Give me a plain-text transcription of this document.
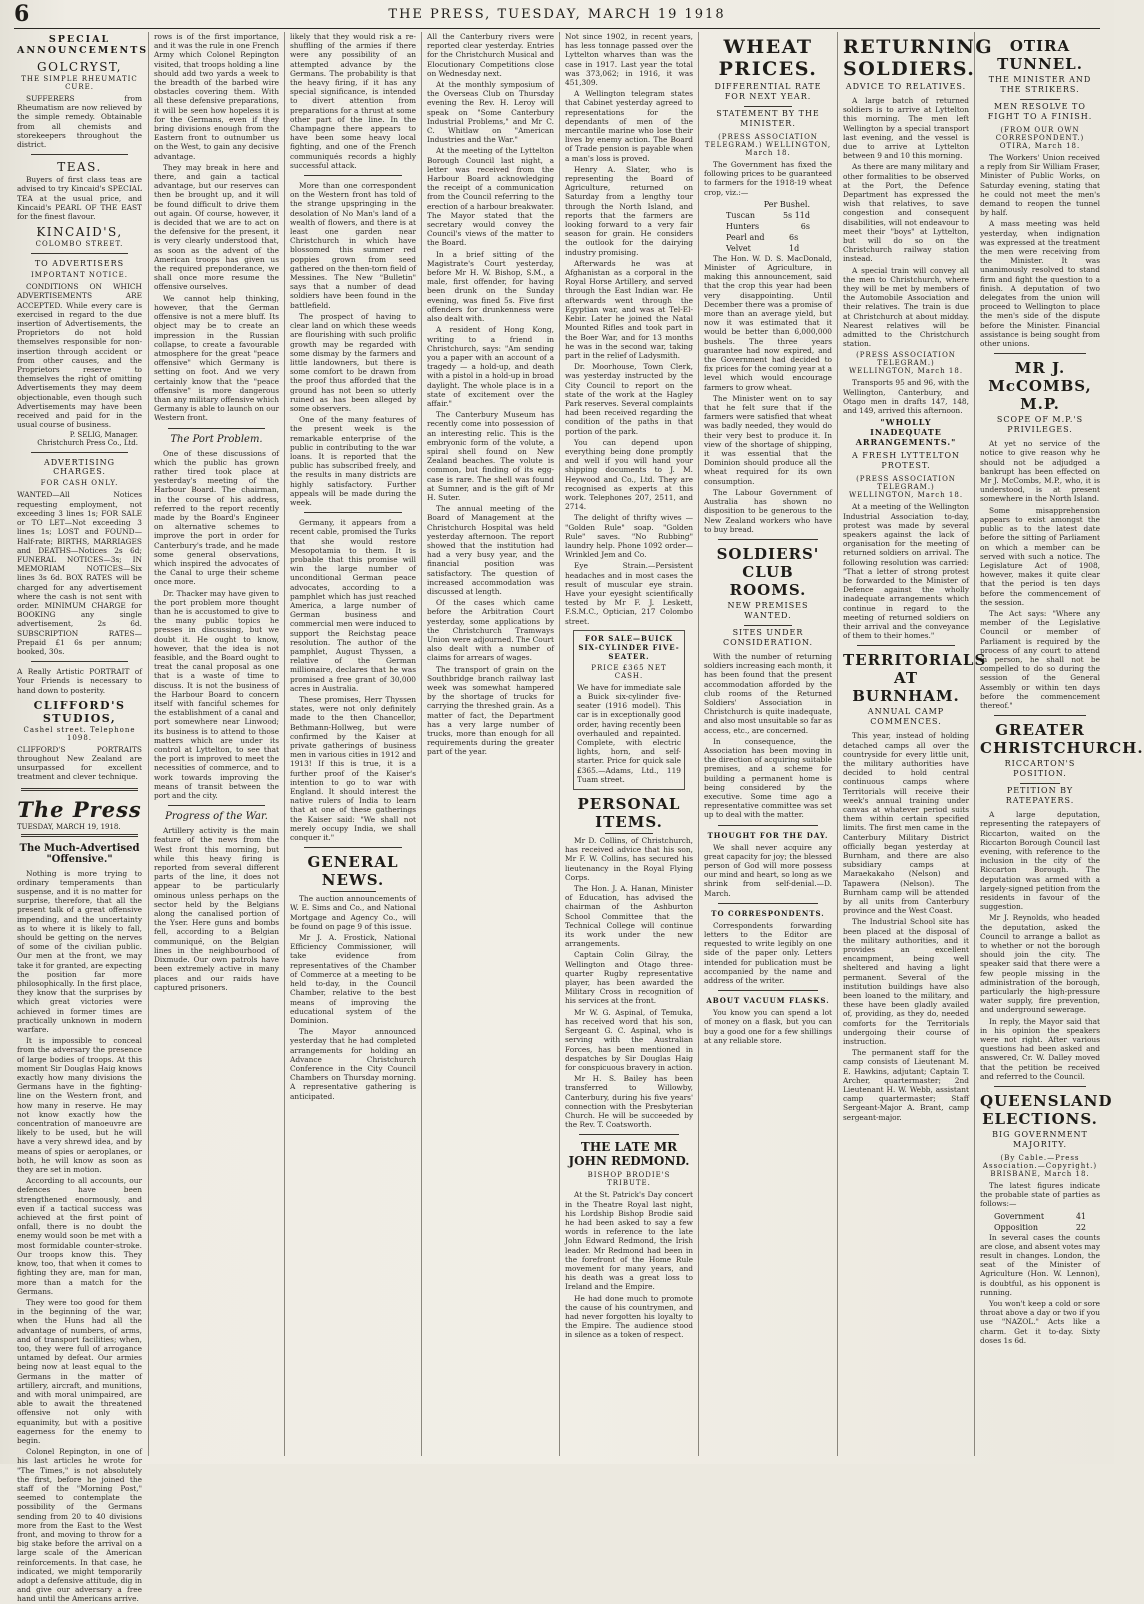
6	THE PRESS, TUESDAY, MARCH 19 1918
SPECIAL ANNOUNCEMENTS
GOLCRYST,
THE SIMPLE RHEUMATIC CURE.

SUFFERERS from Rheumatism are now relieved by the simple remedy. Obtainable from all chemists and storekeepers throughout the district.

TEAS.

Buyers of first class teas are advised to try Kincaid's SPECIAL TEA at the usual price, and Kincaid's PEARL OF THE EAST for the finest flavour.

KINCAID'S,
COLOMBO STREET.
TO ADVERTISERS
IMPORTANT NOTICE.

CONDITIONS ON WHICH ADVERTISEMENTS ARE ACCEPTED. While every care is exercised in regard to the due insertion of Advertisements, the Proprietors do not hold themselves responsible for non-insertion through accident or from other causes, and the Proprietors reserve to themselves the right of omitting Advertisements they may deem objectionable, even though such Advertisements may have been received and paid for in the usual course of business.

P. SELIG, Manager. Christchurch Press Co., Ltd.
ADVERTISING CHARGES.
FOR CASH ONLY.

WANTED—All Notices requesting employment, not exceeding 3 lines 1s; FOR SALE or TO LET—Not exceeding 3 lines 1s; LOST and FOUND—Half-rate; BIRTHS, MARRIAGES and DEATHS—Notices 2s 6d; FUNERAL NOTICES—3s; IN MEMORIAM NOTICES—Six lines 3s 6d. BOX RATES will be charged for any advertisement where the cash is not sent with order. MINIMUM CHARGE for BOOKING any single advertisement, 2s 6d. SUBSCRIPTION RATES—Prepaid £1 6s per annum; booked, 30s.

A Really Artistic PORTRAIT of Your Friends is necessary to hand down to posterity.

CLIFFORD'S STUDIOS,
Cashel street. Telephone 1098.

CLIFFORD'S PORTRAITS throughout New Zealand are unsurpassed for excellent treatment and clever technique.

The Press
TUESDAY, MARCH 19, 1918.
The Much-Advertised
"Offensive."

Nothing is more trying to ordinary temperaments than suspense, and it is no matter for surprise, therefore, that all the present talk of a great offensive impending, and the uncertainty as to where it is likely to fall, should be getting on the nerves of some of the civilian public. Our men at the front, we may take it for granted, are expecting the position far more philosophically. In the first place, they know that the surprises by which great victories were achieved in former times are practically unknown in modern warfare.

It is impossible to conceal from the adversary the presence of large bodies of troops. At this moment Sir Douglas Haig knows exactly how many divisions the Germans have in the fighting-line on the Western front, and how many in reserve. He may not know exactly how the concentration of manoeuvre are likely to be used, but he will have a very shrewd idea, and by means of spies or aeroplanes, or both, he will know as soon as they are set in motion.

According to all accounts, our defences have been strengthened enormously, and even if a tactical success was achieved at the first point of onfall, there is no doubt the enemy would soon be met with a most formidable counter-stroke. Our troops know this. They know, too, that when it comes to fighting they are, man for man, more than a match for the Germans.

They were too good for them in the beginning of the war, when the Huns had all the advantage of numbers, of arms, and of transport facilities; when, too, they were full of arrogance untamed by defeat. Our armies being now at least equal to the Germans in the matter of artillery, aircraft, and munitions, and with moral unimpaired, are able to await the threatened offensive not only with equanimity, but with a positive eagerness for the enemy to begin.

Colonel Repington, in one of his last articles he wrote for "The Times," is not absolutely the first, before he joined the staff of the "Morning Post," seemed to contemplate the possibility of the Germans sending from 20 to 40 divisions more from the East to the West front, and moving to throw for a big stake before the arrival on a large scale of the American reinforcements. In that case, he indicated, we might temporarily adopt a defensive attitude, dig in and give our adversary a free hand until the Americans arrive.

rows is of the first importance, and it was the rule in one French Army which Colonel Repington visited, that troops holding a line should add two yards a week to the breadth of the barbed wire obstacles covering them. With all these defensive preparations, it will be seen how hopeless it is for the Germans, even if they bring divisions enough from the Eastern front to outnumber us on the West, to gain any decisive advantage.

They may break in here and there, and gain a tactical advantage, but our reserves can then be brought up, and it will be found difficult to drive them out again. Of course, however, it is decided that we are to act on the defensive for the present, it is very clearly understood that, as soon as the advent of the American troops has given us the required preponderance, we shall once more resume the offensive ourselves.

We cannot help thinking, however, that the German offensive is not a mere bluff. Its object may be to create an impression in the Russian collapse, to create a favourable atmosphere for the great "peace offensive" which Germany is setting on foot. And we very certainly know that the "peace offensive" is more dangerous than any military offensive which Germany is able to launch on our Western front.

The Port Problem.

One of these discussions of which the public has grown rather tired took place at yesterday's meeting of the Harbour Board. The chairman, in the course of his address, referred to the report recently made by the Board's Engineer on alternative schemes to improve the port in order for Canterbury's trade, and he made some general observations, which inspired the advocates of the Canal to urge their scheme once more.

Dr. Thacker may have given to the port problem more thought than he is accustomed to give to the many public topics he presses in discussing, but we doubt it. He ought to know, however, that the idea is not feasible, and the Board ought to treat the canal proposal as one that is a waste of time to discuss. It is not the business of the Harbour Board to concern itself with fanciful schemes for the establishment of a canal and port somewhere near Linwood; its business is to attend to those matters which are under its control at Lyttelton, to see that the port is improved to meet the necessities of commerce, and to work towards improving the means of transit between the port and the city.

Progress of the War.

Artillery activity is the main feature of the news from the West front this morning, but while this heavy firing is reported from several different parts of the line, it does not appear to be particularly ominous unless perhaps on the sector held by the Belgians along the canalised portion of the Yser. Here guns and bombs fell, according to a Belgian communiqué, on the Belgian lines in the neighbourhood of Dixmude. Our own patrols have been extremely active in many places and our raids have captured prisoners.

likely that they would risk a re-shuffling of the armies if there were any possibility of an attempted advance by the Germans. The probability is that the heavy firing, if it has any special significance, is intended to divert attention from preparations for a thrust at some other part of the line. In the Champagne there appears to have been some heavy local fighting, and one of the French communiqués records a highly successful attack.

More than one correspondent on the Western front has told of the strange upspringing in the desolation of No Man's land of a wealth of flowers, and there is at least one garden near Christchurch in which have blossomed this summer red poppies grown from seed gathered on the then-torn field of Messines. The New "Bulletin" says that a number of dead soldiers have been found in the battlefield.

The prospect of having to clear land on which these weeds are flourishing with such prolific growth may be regarded with some dismay by the farmers and little landowners, but there is some comfort to be drawn from the proof thus afforded that the ground has not been so utterly ruined as has been alleged by some observers.

One of the many features of the present week is the remarkable enterprise of the public in contributing to the war loans. It is reported that the public has subscribed freely, and the results in many districts are highly satisfactory. Further appeals will be made during the week.

Germany, it appears from a recent cable, promised the Turks that she would restore Mesopotamia to them. It is probable that this promise will win the large number of unconditional German peace advocates, according to a pamphlet which has just reached America, a large number of German business and commercial men were induced to support the Reichstag peace resolution. The author of the pamphlet, August Thyssen, a relative of the German millionaire, declares that he was promised a free grant of 30,000 acres in Australia.

These promises, Herr Thyssen states, were not only definitely made to the then Chancellor, Bethmann-Hollweg, but were confirmed by the Kaiser at private gatherings of business men in various cities in 1912 and 1913! If this is true, it is a further proof of the Kaiser's intention to go to war with England. It should interest the native rulers of India to learn that at one of these gatherings the Kaiser said: "We shall not merely occupy India, we shall conquer it."

GENERAL NEWS.

The auction announcements of W. E. Sims and Co., and National Mortgage and Agency Co., will be found on page 9 of this issue.

Mr J. A. Frostick, National Efficiency Commissioner, will take evidence from representatives of the Chamber of Commerce at a meeting to be held to-day, in the Council Chamber, relative to the best means of improving the educational system of the Dominion.

The Mayor announced yesterday that he had completed arrangements for holding an Advance Christchurch Conference in the City Council Chambers on Thursday morning. A representative gathering is anticipated.

All the Canterbury rivers were reported clear yesterday. Entries for the Christchurch Musical and Elocutionary Competitions close on Wednesday next.

At the monthly symposium of the Overseas Club on Thursday evening the Rev. H. Leroy will speak on "Some Canterbury Industrial Problems," and Mr C. C. Whitlaw on "American Industries and the War."

At the meeting of the Lyttelton Borough Council last night, a letter was received from the Harbour Board acknowledging the receipt of a communication from the Council referring to the erection of a harbour breakwater. The Mayor stated that the secretary would convey the Council's views of the matter to the Board.

In a brief sitting of the Magistrate's Court yesterday, before Mr H. W. Bishop, S.M., a male, first offender, for having been drunk on the Sunday evening, was fined 5s. Five first offenders for drunkenness were also dealt with.

A resident of Hong Kong, writing to a friend in Christchurch, says: "Am sending you a paper with an account of a tragedy — a hold-up, and death with a pistol in a hold-up in broad daylight. The whole place is in a state of excitement over the affair."

The Canterbury Museum has recently come into possession of an interesting relic. This is the embryonic form of the volute, a spiral shell found on New Zealand beaches. The volute is common, but finding of its egg-case is rare. The shell was found at Sumner, and is the gift of Mr H. Suter.

The annual meeting of the Board of Management at the Christchurch Hospital was held yesterday afternoon. The report showed that the institution had had a very busy year, and the financial position was satisfactory. The question of increased accommodation was discussed at length.

Of the cases which came before the Arbitration Court yesterday, some applications by the Christchurch Tramways Union were adjourned. The Court also dealt with a number of claims for arrears of wages.

The transport of grain on the Southbridge branch railway last week was somewhat hampered by the shortage of trucks for carrying the threshed grain. As a matter of fact, the Department has a very large number of trucks, more than enough for all requirements during the greater part of the year.

Not since 1902, in recent years, has less tonnage passed over the Lyttelton wharves than was the case in 1917. Last year the total was 373,062; in 1916, it was 451,309.

A Wellington telegram states that Cabinet yesterday agreed to representations for the dependants of men of the mercantile marine who lose their lives by enemy action. The Board of Trade pension is payable when a man's loss is proved.

Henry A. Slater, who is representing the Board of Agriculture, returned on Saturday from a lengthy tour through the North Island, and reports that the farmers are looking forward to a very fair season for grain. He considers the outlook for the dairying industry promising.

Afterwards he was at Afghanistan as a corporal in the Royal Horse Artillery, and served through the East Indian war. He afterwards went through the Egyptian war, and was at Tel-El-Kebir. Later he joined the Natal Mounted Rifles and took part in the Boer War, and for 13 months he was in the second war, taking part in the relief of Ladysmith.

Dr. Moorhouse, Town Clerk, was yesterday instructed by the City Council to report on the state of the work at the Hagley Park reserves. Several complaints had been received regarding the condition of the paths in that portion of the park.

You can depend upon everything being done promptly and well if you will hand your shipping documents to J. M. Heywood and Co., Ltd. They are recognised as experts at this work. Telephones 207, 2511, and 2714.

The delight of thrifty wives — "Golden Rule" soap. "Golden Rule" saves. "No Rubbing" laundry help. Phone 1092 order—Wrinkled Jem and Co.

Eye Strain.—Persistent headaches and in most cases the result of muscular eye strain. Have your eyesight scientifically tested by Mr F. J. Leskett, F.S.M.C., Optician, 217 Colombo street.

FOR SALE—BUICK SIX-CYLINDER FIVE-SEATER.
PRICE £365 NET CASH.

We have for immediate sale a Buick six-cylinder five-seater (1916 model). This car is in exceptionally good order, having recently been overhauled and repainted. Complete, with electric lights, horn, and self-starter. Price for quick sale £365.—Adams, Ltd., 119 Tuam street.

PERSONAL ITEMS.

Mr D. Collins, of Christchurch, has received advice that his son, Mr F. W. Collins, has secured his lieutenancy in the Royal Flying Corps.

The Hon. J. A. Hanan, Minister of Education, has advised the chairman of the Ashburton School Committee that the Technical College will continue its work under the new arrangements.

Captain Colin Gilray, the Wellington and Otago three-quarter Rugby representative player, has been awarded the Military Cross in recognition of his services at the front.

Mr W. G. Aspinal, of Temuka, has received word that his son, Sergeant G. C. Aspinal, who is serving with the Australian Forces, has been mentioned in despatches by Sir Douglas Haig for conspicuous bravery in action.

Mr H. S. Bailey has been transferred to Willowby, Canterbury, during his five years' connection with the Presbyterian Church. He will be succeeded by the Rev. T. Coatsworth.

THE LATE MR JOHN REDMOND.
BISHOP BRODIE'S TRIBUTE.

At the St. Patrick's Day concert in the Theatre Royal last night, his Lordship Bishop Brodie said he had been asked to say a few words in reference to the late John Edward Redmond, the Irish leader. Mr Redmond had been in the forefront of the Home Rule movement for many years, and his death was a great loss to Ireland and the Empire.

He had done much to promote the cause of his countrymen, and had never forgotten his loyalty to the Empire. The audience stood in silence as a token of respect.

WHEAT PRICES.
DIFFERENTIAL RATE FOR NEXT YEAR.
STATEMENT BY THE MINISTER.
(PRESS ASSOCIATION TELEGRAM.) WELLINGTON, March 18.

The Government has fixed the following prices to be guaranteed to farmers for the 1918-19 wheat crop, viz.:—

Per Bushel.
Tuscan	5s 11d
Hunters	6s
Pearl and Velvet
6s 1d

The Hon. W. D. S. MacDonald, Minister of Agriculture, in making this announcement, said that the crop this year had been very disappointing. Until December there was a promise of more than an average yield, but now it was estimated that it would be better than 6,000,000 bushels. The three years guarantee had now expired, and the Government had decided to fix prices for the coming year at a level which would encourage farmers to grow wheat.

The Minister went on to say that he felt sure that if the farmers were satisfied that wheat was badly needed, they would do their very best to produce it. In view of the shortage of shipping, it was essential that the Dominion should produce all the wheat required for its own consumption.

The Labour Government of Australia has shown no disposition to be generous to the New Zealand workers who have to buy bread.

SOLDIERS' CLUB ROOMS.
NEW PREMISES WANTED.
SITES UNDER CONSIDERATION.

With the number of returning soldiers increasing each month, it has been found that the present accommodation afforded by the club rooms of the Returned Soldiers' Association in Christchurch is quite inadequate, and also most unsuitable so far as access, etc., are concerned.

In consequence, the Association has been moving in the direction of acquiring suitable premises, and a scheme for building a permanent home is being considered by the executive. Some time ago a representative committee was set up to deal with the matter.

THOUGHT FOR THE DAY.

We shall never acquire any great capacity for joy; the blessed person of God will more possess our mind and heart, so long as we shrink from self-denial.—D. March.

TO CORRESPONDENTS.

Correspondents forwarding letters to the Editor are requested to write legibly on one side of the paper only. Letters intended for publication must be accompanied by the name and address of the writer.

ABOUT VACUUM FLASKS.

You know you can spend a lot of money on a flask, but you can buy a good one for a few shillings at any reliable store.

RETURNING SOLDIERS.
ADVICE TO RELATIVES.

A large batch of returned soldiers is to arrive at Lyttelton this morning. The men left Wellington by a special transport last evening, and the vessel is due to arrive at Lyttelton between 9 and 10 this morning.

As there are many military and other formalities to be observed at the Port, the Defence Department has expressed the wish that relatives, to save congestion and consequent disabilities, will not endeavour to meet their "boys" at Lyttelton, but will do so on the Christchurch railway station instead.

A special train will convey all the men to Christchurch, where they will be met by members of the Automobile Association and their relatives. The train is due at Christchurch at about midday. Nearest relatives will be admitted to the Christchurch station.

(PRESS ASSOCIATION TELEGRAM.) WELLINGTON, March 18.

Transports 95 and 96, with the Wellington, Canterbury, and Otago men in drafts 147, 148, and 149, arrived this afternoon.

"WHOLLY INADEQUATE ARRANGEMENTS."
A FRESH LYTTELTON PROTEST.
(PRESS ASSOCIATION TELEGRAM.) WELLINGTON, March 18.

At a meeting of the Wellington Industrial Association to-day, protest was made by several speakers against the lack of organisation for the meeting of returned soldiers on arrival. The following resolution was carried: "That a letter of strong protest be forwarded to the Minister of Defence against the wholly inadequate arrangements which continue in regard to the meeting of returned soldiers on their arrival and the conveyance of them to their homes."

TERRITORIALS AT BURNHAM.
ANNUAL CAMP COMMENCES.

This year, instead of holding detached camps all over the countryside for every little unit, the military authorities have decided to hold central continuous camps where Territorials will receive their week's annual training under canvas at whatever period suits them within certain specified limits. The first men came in the Canterbury Military District officially began yesterday at Burnham, and there are also subsidiary camps at Maraekakaho (Nelson) and Tapawera (Nelson). The Burnham camp will be attended by all units from Canterbury province and the West Coast.

The Industrial School site has been placed at the disposal of the military authorities, and it provides an excellent encampment, being well sheltered and having a light permanent. Several of the institution buildings have also been loaned to the military, and these have been gladly availed of, providing, as they do, needed comforts for the Territorials undergoing their course of instruction.

The permanent staff for the camp consists of Lieutenant M. E. Hawkins, adjutant; Captain T. Archer, quartermaster; 2nd Lieutenant H. W. Webb, assistant camp quartermaster; Staff Sergeant-Major A. Brant, camp sergeant-major.

OTIRA TUNNEL.
THE MINISTER AND THE STRIKERS.
MEN RESOLVE TO FIGHT TO A FINISH.
(FROM OUR OWN CORRESPONDENT.) OTIRA, March 18.

The Workers' Union received a reply from Sir William Fraser, Minister of Public Works, on Saturday evening, stating that he could not meet the men's demand to reopen the tunnel by half.

A mass meeting was held yesterday, when indignation was expressed at the treatment the men were receiving from the Minister. It was unanimously resolved to stand firm and fight the question to a finish. A deputation of two delegates from the union will proceed to Wellington to place the men's side of the dispute before the Minister. Financial assistance is being sought from other unions.

MR J. McCOMBS, M.P.
SCOPE OF M.P.'S PRIVILEGES.

At yet no service of the notice to give reason why he should not be adjudged a bankrupt has been effected on Mr J. McCombs, M.P., who, it is understood, is at present somewhere in the North Island.

Some misapprehension appears to exist amongst the public as to the latest date before the sitting of Parliament on which a member can be served with such a notice. The Legislature Act of 1908, however, makes it quite clear that the period is ten days before the commencement of the session.

The Act says: "Where any member of the Legislative Council or member of Parliament is required by the process of any court to attend in person, he shall not be compelled to do so during the session of the General Assembly or within ten days before the commencement thereof."

GREATER CHRISTCHURCH.
RICCARTON'S POSITION.
PETITION BY RATEPAYERS.

A large deputation, representing the ratepayers of Riccarton, waited on the Riccarton Borough Council last evening, with reference to the inclusion in the city of the Riccarton Borough. The deputation was armed with a largely-signed petition from the residents in favour of the suggestion.

Mr J. Reynolds, who headed the deputation, asked the Council to arrange a ballot as to whether or not the borough should join the city. The speaker said that there were a few people missing in the administration of the borough, particularly the high-pressure water supply, fire prevention, and underground sewerage.

In reply, the Mayor said that in his opinion the speakers were not right. After various questions had been asked and answered, Cr. W. Dalley moved that the petition be received and referred to the Council.

QUEENSLAND ELECTIONS.
BIG GOVERNMENT MAJORITY.
(By Cable.—Press Association.—Copyright.) BRISBANE, March 18.

The latest figures indicate the probable state of parties as follows:—

Government	41
Opposition	22

In several cases the counts are close, and absent votes may result in changes. London, the seat of the Minister of Agriculture (Hon. W. Lennon), is doubtful, as his opponent is running.

You won't keep a cold or sore throat above a day or two if you use "NAZOL." Acts like a charm. Get it to-day. Sixty doses 1s 6d.
